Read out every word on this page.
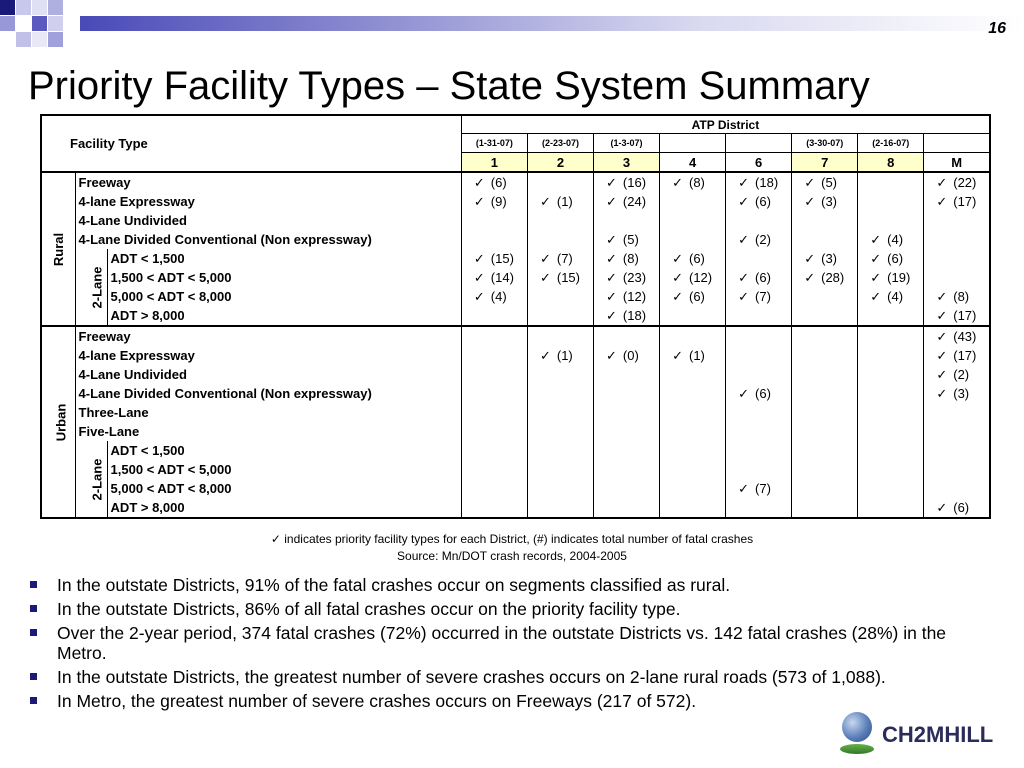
16
Priority Facility Types – State System Summary
Facility Type			ATP District							
			(1-31-07)	(2-23-07)	(1-3-07)			(3-30-07)	(2-16-07)	
			1	2	3	4	6	7	8	M
Rural	Freeway		✓ (6)		✓ (16)	✓ (8)	✓ (18)	✓ (5)		✓ (22)
	4-lane Expressway		✓ (9)	✓ (1)	✓ (24)		✓ (6)	✓ (3)		✓ (17)
	4-Lane Undivided									
	4-Lane Divided Conventional (Non expressway)				✓ (5)		✓ (2)		✓ (4)	
	2-Lane	ADT < 1,500	✓ (15)	✓ (7)	✓ (8)	✓ (6)		✓ (3)	✓ (6)	
		1,500 < ADT < 5,000	✓ (14)	✓ (15)	✓ (23)	✓ (12)	✓ (6)	✓ (28)	✓ (19)	
		5,000 < ADT < 8,000	✓ (4)		✓ (12)	✓ (6)	✓ (7)		✓ (4)	✓ (8)
		ADT > 8,000			✓ (18)					✓ (17)
Urban	Freeway									✓ (43)
	4-lane Expressway			✓ (1)	✓ (0)	✓ (1)				✓ (17)
	4-Lane Undivided									✓ (2)
	4-Lane Divided Conventional (Non expressway)						✓ (6)			✓ (3)
	Three-Lane									
	Five-Lane									
	2-Lane	ADT < 1,500								
		1,500 < ADT < 5,000								
		5,000 < ADT < 8,000					✓ (7)			
		ADT > 8,000								✓ (6)
✓ indicates priority facility types for each District, (#) indicates total number of fatal crashes
Source: Mn/DOT crash records, 2004-2005
In the outstate Districts, 91% of the fatal crashes occur on segments classified as rural.
In the outstate Districts, 86% of all fatal crashes occur on the priority facility type.
Over the 2-year period, 374 fatal crashes (72%) occurred in the outstate Districts vs. 142 fatal crashes (28%) in the Metro.
In the outstate Districts, the greatest number of severe crashes occurs on 2-lane rural roads (573 of 1,088).
In Metro, the greatest number of severe crashes occurs on Freeways (217 of 572).
CH2MHILL
